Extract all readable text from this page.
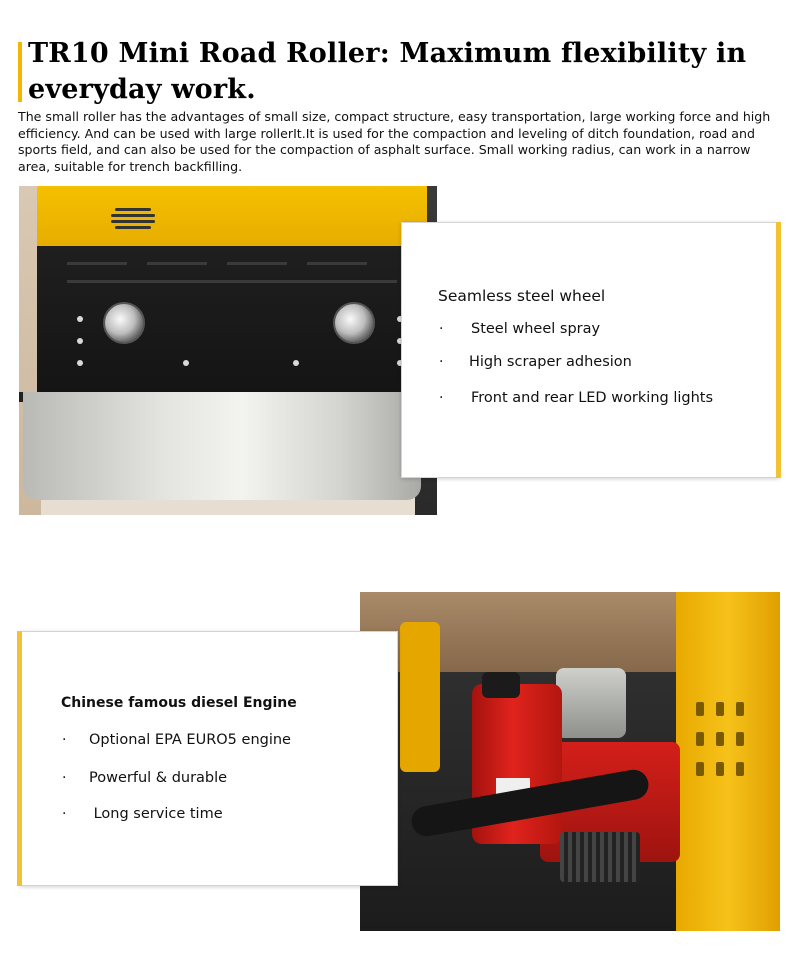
TR10 Mini Road Roller: Maximum flexibility in everyday work.

The small roller has the advantages of small size, compact structure, easy transportation, large working force and high efficiency. And can be used with large rollerIt.It is used for the compaction and leveling of ditch foundation, road and sports field, and can also be used for the compaction of asphalt surface. Small working radius, can work in a narrow area, suitable for trench backfilling.

Seamless steel wheel
· Steel wheel spray
· High scraper adhesion
· Front and rear LED working lights
Chinese famous diesel Engine
· Optional EPA EURO5 engine
· Powerful & durable
· Long service time
